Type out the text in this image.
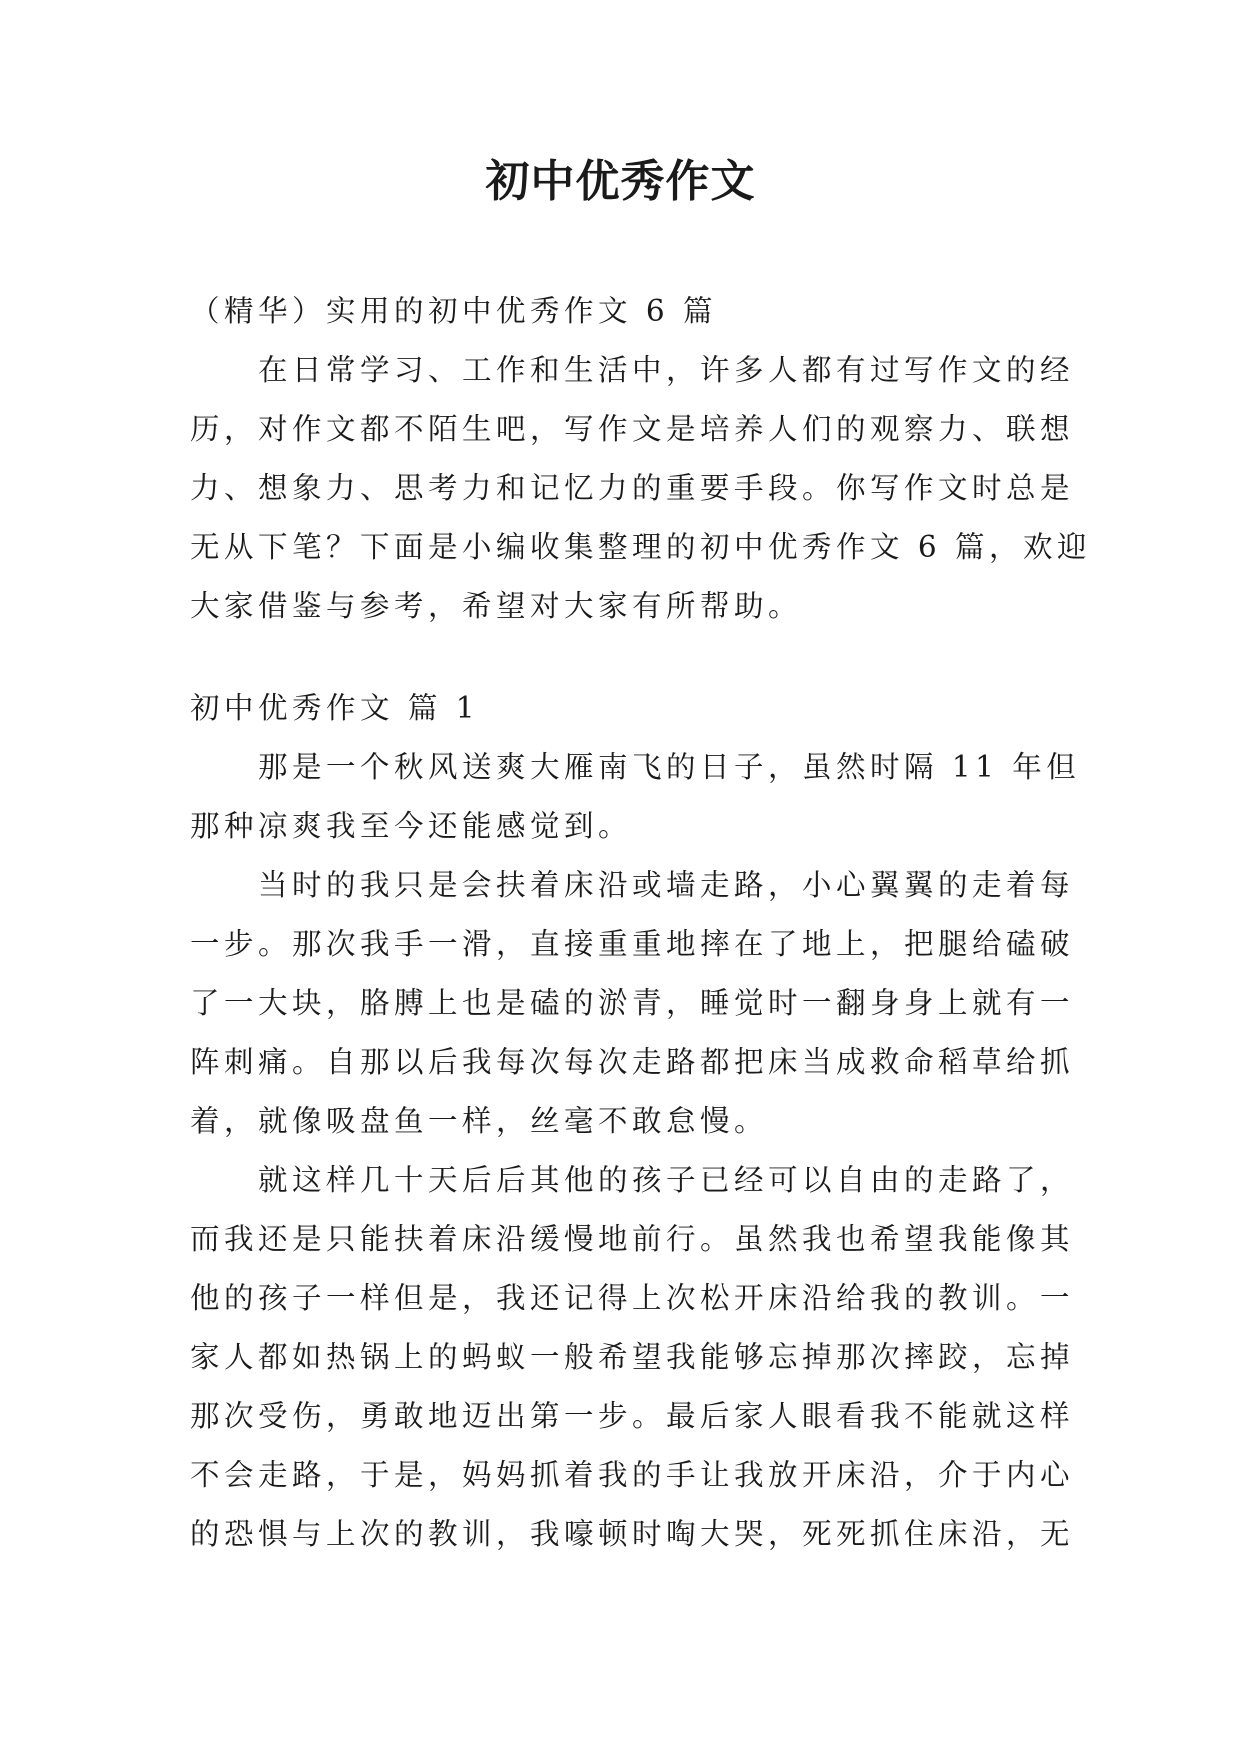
初中优秀作文
（精华）实用的初中优秀作文 6 篇
在日常学习、工作和生活中，许多人都有过写作文的经
历，对作文都不陌生吧，写作文是培养人们的观察力、联想
力、想象力、思考力和记忆力的重要手段。你写作文时总是
无从下笔？下面是小编收集整理的初中优秀作文 6 篇，欢迎
大家借鉴与参考，希望对大家有所帮助。
初中优秀作文 篇 1
那是一个秋风送爽大雁南飞的日子，虽然时隔 11 年但
那种凉爽我至今还能感觉到。
当时的我只是会扶着床沿或墙走路，小心翼翼的走着每
一步。那次我手一滑，直接重重地摔在了地上，把腿给磕破
了一大块，胳膊上也是磕的淤青，睡觉时一翻身身上就有一
阵刺痛。自那以后我每次每次走路都把床当成救命稻草给抓
着，就像吸盘鱼一样，丝毫不敢怠慢。
就这样几十天后后其他的孩子已经可以自由的走路了，
而我还是只能扶着床沿缓慢地前行。虽然我也希望我能像其
他的孩子一样但是，我还记得上次松开床沿给我的教训。一
家人都如热锅上的蚂蚁一般希望我能够忘掉那次摔跤，忘掉
那次受伤，勇敢地迈出第一步。最后家人眼看我不能就这样
不会走路，于是，妈妈抓着我的手让我放开床沿，介于内心
的恐惧与上次的教训，我嚎顿时啕大哭，死死抓住床沿，无
